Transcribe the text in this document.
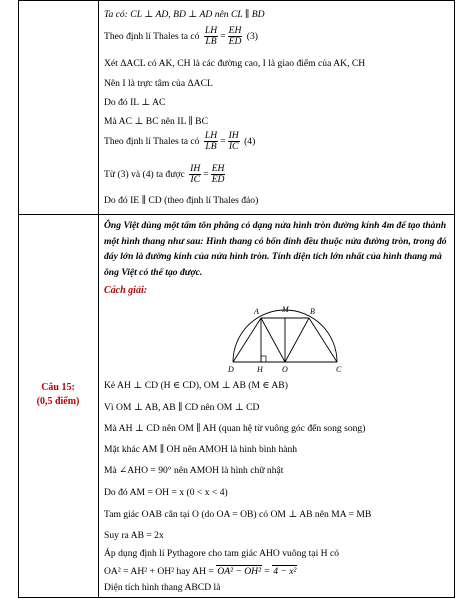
Ta có: CL ⊥ AD, BD ⊥ AD nên CL ∥ BD
Theo định lí Thales ta có $\frac{LH}{LB} = \frac{EH}{ED} (3)$
Xét ΔACL có AK, CH là các đường cao, I là giao điểm của AK, CH
Nên I là trực tâm của ΔACL
Do đó IL ⊥ AC
Mà AC ⊥ BC nên IL ∥ BC
Theo định lí Thales ta có $\frac{LH}{LB} = \frac{IH}{IC} (4)$
Từ (3) và (4) ta được $\frac{IH}{IC} = \frac{EH}{ED}$
Do đó IE ∥ CD (theo định lí Thales đảo)
Câu 15:
(0,5 điểm)
Ông Việt dùng một tấm tôn phẳng có dạng nửa hình tròn đường kính 4m để tạo thành một hình thang như sau: Hình thang có bốn đỉnh đều thuộc nửa đường tròn, trong đó đáy lớn là đường kính của nửa hình tròn. Tính diện tích lớn nhất của hình thang mà ông Việt có thể tạo được.
Cách giải:
A	M	B
D	H O	C
Kẻ AH ⊥ CD (H ∈ CD), OM ⊥ AB (M ∈ AB)
Vì OM ⊥ AB, AB ∥ CD nên OM ⊥ CD
Mà AH ⊥ CD nên OM ∥ AH (quan hệ từ vuông góc đến song song)
Mặt khác AM ∥ OH nên AMOH là hình bình hành
Mà ∠AHO = 90° nên AMOH là hình chữ nhật
Do đó AM = OH = x (0 < x < 4)
Tam giác OAB cân tại O (do OA = OB) có OM ⊥ AB nên MA = MB
Suy ra AB = 2x
Áp dụng định lí Pythagore cho tam giác AHO vuông tại H có
OA² = AH² + OH² hay AH = OA² − OH² = 4 − x²
Diện tích hình thang ABCD là
